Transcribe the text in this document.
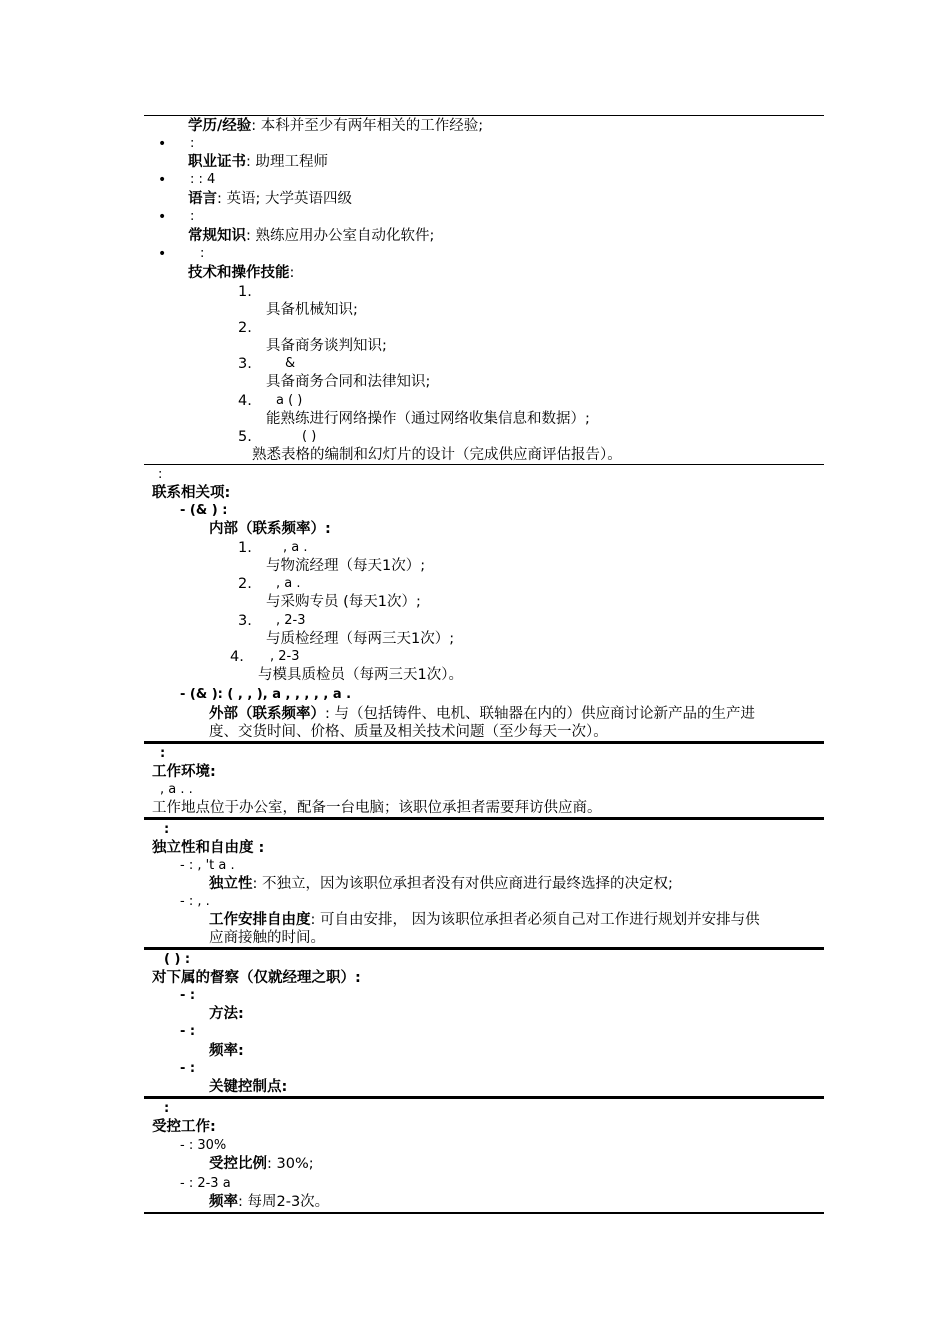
学历/经验: 本科并至少有两年相关的工作经验;
• :
职业证书: 助理工程师
• : : 4
语言: 英语; 大学英语四级
• :
常规知识: 熟练应用办公室自动化软件;
•	:
技术和操作技能:
1.
具备机械知识;
2.
具备商务谈判知识;
3.	&
具备商务合同和法律知识;
4. a ( )
能熟练进行网络操作（通过网络收集信息和数据）;
5.	( )
熟悉表格的编制和幻灯片的设计（完成供应商评估报告）。
:
联系相关项:
- (& ) :
内部（联系频率）:
1. , a .
与物流经理（每天1次）;
2. , a .
与采购专员 (每天1次）;
3. , 2-3
与质检经理（每两三天1次）;
4. , 2-3
与模具质检员（每两三天1次）。
- (& ): ( , , ), a , , , , , a .
外部（联系频率）: 与（包括铸件、电机、联轴器在内的）供应商讨论新产品的生产进
度、交货时间、价格、质量及相关技术问题（至少每天一次）。
:
工作环境:
, a . .
工作地点位于办公室，配备一台电脑；该职位承担者需要拜访供应商。
:
独立性和自由度 :
- : , 't a .
独立性: 不独立，因为该职位承担者没有对供应商进行最终选择的决定权;
- : , .
工作安排自由度: 可自由安排， 因为该职位承担者必须自己对工作进行规划并安排与供
应商接触的时间。
( ) :
对下属的督察（仅就经理之职）:
- :
方法:
- :
频率:
- :
关键控制点:
:
受控工作:
- : 30%
受控比例: 30%;
- : 2-3 a
频率: 每周2-3次。
